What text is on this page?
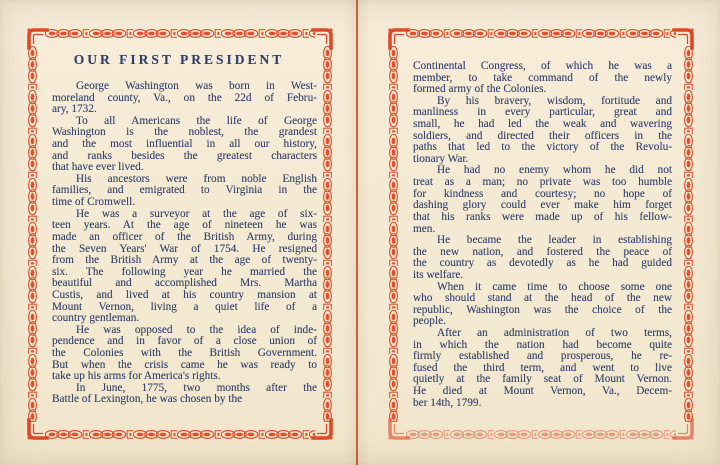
OUR FIRST PRESIDENT
George Washington was born in West-
moreland county, Va., on the 22d of Febru-
ary, 1732.
To all Americans the life of George
Washington is the noblest, the grandest
and the most influential in all our history,
and ranks besides the greatest characters
that have ever lived.
His ancestors were from noble English
families, and emigrated to Virginia in the
time of Cromwell.
He was a surveyor at the age of six-
teen years. At the age of nineteen he was
made an officer of the British Army, during
the Seven Years' War of 1754. He resigned
from the British Army at the age of twenty-
six. The following year he married the
beautiful and accomplished Mrs. Martha
Custis, and lived at his country mansion at
Mount Vernon, living a quiet life of a
country gentleman.
He was opposed to the idea of inde-
pendence and in favor of a close union of
the Colonies with the British Government.
But when the crisis came he was ready to
take up his arms for America's rights.
In June, 1775, two months after the
Battle of Lexington, he was chosen by the
Continental Congress, of which he was a
member, to take command of the newly
formed army of the Colonies.
By his bravery, wisdom, fortitude and
manliness in every particular, great and
small, he had led the weak and wavering
soldiers, and directed their officers in the
paths that led to the victory of the Revolu-
tionary War.
He had no enemy whom he did not
treat as a man; no private was too humble
for kindness and courtesy; no hope of
dashing glory could ever make him forget
that his ranks were made up of his fellow-
men.
He became the leader in establishing
the new nation, and fostered the peace of
the country as devotedly as he had guided
its welfare.
When it came time to choose some one
who should stand at the head of the new
republic, Washington was the choice of the
people.
After an administration of two terms,
in which the nation had become quite
firmly established and prosperous, he re-
fused the third term, and went to live
quietly at the family seat of Mount Vernon.
He died at Mount Vernon, Va., Decem-
ber 14th, 1799.
